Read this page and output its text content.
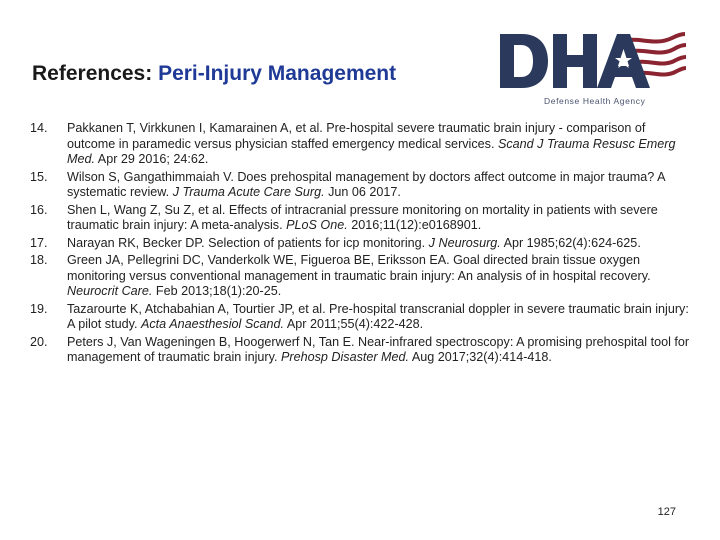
References: Peri-Injury Management
Defense Health Agency
14. Pakkanen T, Virkkunen I, Kamarainen A, et al. Pre-hospital severe traumatic brain injury - comparison of outcome in paramedic versus physician staffed emergency medical services. Scand J Trauma Resusc Emerg Med. Apr 29 2016; 24:62.
15. Wilson S, Gangathimmaiah V. Does prehospital management by doctors affect outcome in major trauma? A systematic review. J Trauma Acute Care Surg. Jun 06 2017.
16. Shen L, Wang Z, Su Z, et al. Effects of intracranial pressure monitoring on mortality in patients with severe traumatic brain injury: A meta-analysis. PLoS One. 2016;11(12):e0168901.
17. Narayan RK, Becker DP. Selection of patients for icp monitoring. J Neurosurg. Apr 1985;62(4):624-625.
18. Green JA, Pellegrini DC, Vanderkolk WE, Figueroa BE, Eriksson EA. Goal directed brain tissue oxygen monitoring versus conventional management in traumatic brain injury: An analysis of in hospital recovery. Neurocrit Care. Feb 2013;18(1):20-25.
19. Tazarourte K, Atchabahian A, Tourtier JP, et al. Pre-hospital transcranial doppler in severe traumatic brain injury: A pilot study. Acta Anaesthesiol Scand. Apr 2011;55(4):422-428.
20. Peters J, Van Wageningen B, Hoogerwerf N, Tan E. Near-infrared spectroscopy: A promising prehospital tool for management of traumatic brain injury. Prehosp Disaster Med. Aug 2017;32(4):414-418.
127
